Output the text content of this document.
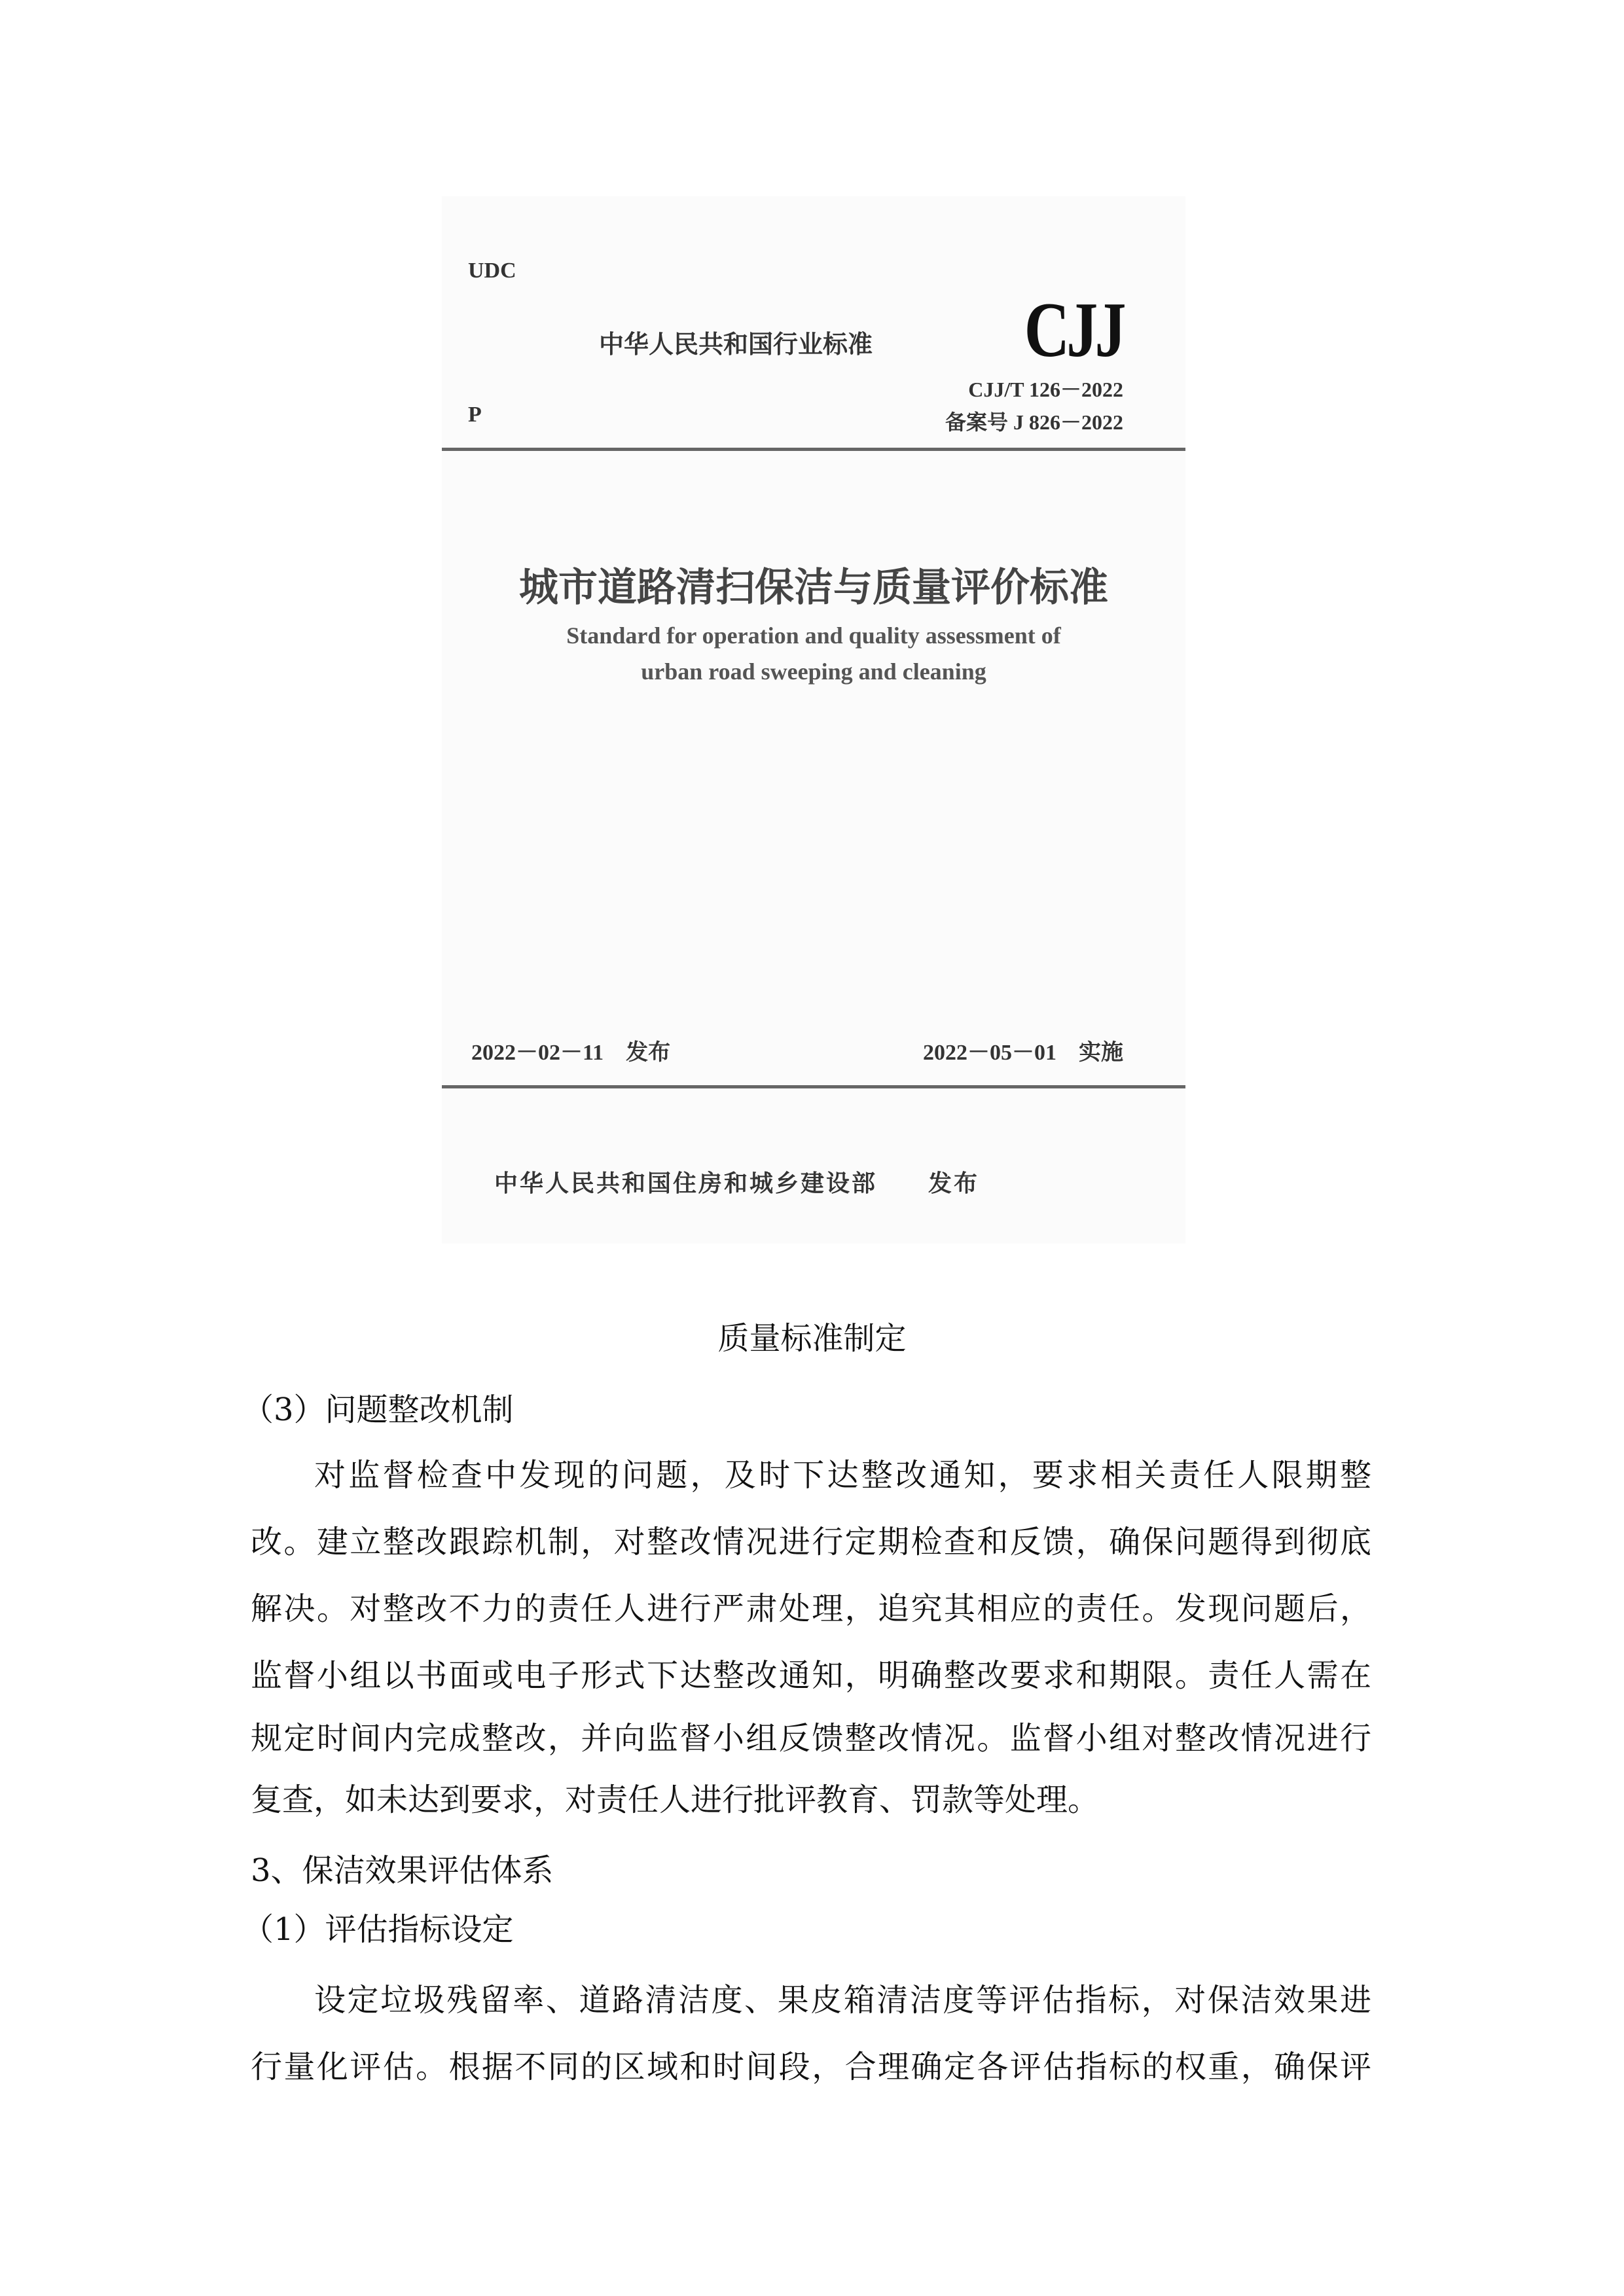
UDC
中华人民共和国行业标准 CJJ
CJJ/T 126－2022
备案号 J 826－2022
P
城市道路清扫保洁与质量评价标准
Standard for operation and quality assessment of
urban road sweeping and cleaning
2022－02－11　发布	2022－05－01　实施
中华人民共和国住房和城乡建设部　　发布
质量标准制定
（3）问题整改机制
对监督检查中发现的问题，及时下达整改通知，要求相关责任人限期整
改。建立整改跟踪机制，对整改情况进行定期检查和反馈，确保问题得到彻底
解决。对整改不力的责任人进行严肃处理，追究其相应的责任。发现问题后，
监督小组以书面或电子形式下达整改通知，明确整改要求和期限。责任人需在
规定时间内完成整改，并向监督小组反馈整改情况。监督小组对整改情况进行
复查，如未达到要求，对责任人进行批评教育、罚款等处理。
3、保洁效果评估体系
（1）评估指标设定
设定垃圾残留率、道路清洁度、果皮箱清洁度等评估指标，对保洁效果进
行量化评估。根据不同的区域和时间段，合理确定各评估指标的权重，确保评
